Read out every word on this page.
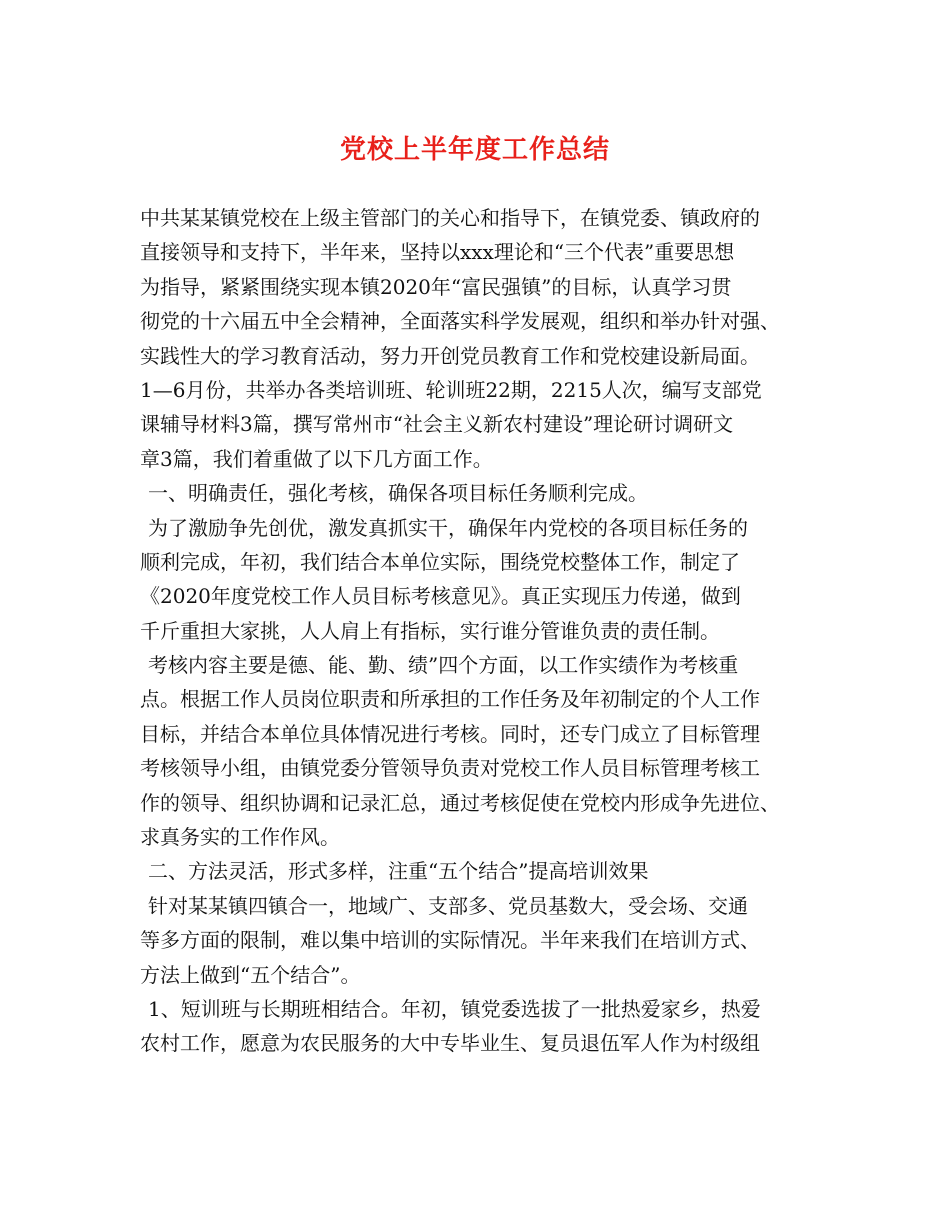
党校上半年度工作总结
中共某某镇党校在上级主管部门的关心和指导下，在镇党委、镇政府的
直接领导和支持下，半年来，坚持以xxx理论和“三个代表”重要思想
为指导，紧紧围绕实现本镇2020年“富民强镇”的目标，认真学习贯
彻党的十六届五中全会精神，全面落实科学发展观，组织和举办针对强、
实践性大的学习教育活动，努力开创党员教育工作和党校建设新局面。
1—6月份，共举办各类培训班、轮训班22期，2215人次，编写支部党
课辅导材料3篇，撰写常州市“社会主义新农村建设”理论研讨调研文
章3篇，我们着重做了以下几方面工作。
一、明确责任，强化考核，确保各项目标任务顺利完成。
为了激励争先创优，激发真抓实干，确保年内党校的各项目标任务的
顺利完成，年初，我们结合本单位实际，围绕党校整体工作，制定了
《2020年度党校工作人员目标考核意见》。真正实现压力传递，做到
千斤重担大家挑，人人肩上有指标，实行谁分管谁负责的责任制。
考核内容主要是德、能、勤、绩”四个方面，以工作实绩作为考核重
点。根据工作人员岗位职责和所承担的工作任务及年初制定的个人工作
目标，并结合本单位具体情况进行考核。同时，还专门成立了目标管理
考核领导小组，由镇党委分管领导负责对党校工作人员目标管理考核工
作的领导、组织协调和记录汇总，通过考核促使在党校内形成争先进位、
求真务实的工作作风。
二、方法灵活，形式多样，注重“五个结合”提高培训效果
针对某某镇四镇合一，地域广、支部多、党员基数大，受会场、交通
等多方面的限制，难以集中培训的实际情况。半年来我们在培训方式、
方法上做到“五个结合”。
1、短训班与长期班相结合。年初，镇党委选拔了一批热爱家乡，热爱
农村工作，愿意为农民服务的大中专毕业生、复员退伍军人作为村级组
